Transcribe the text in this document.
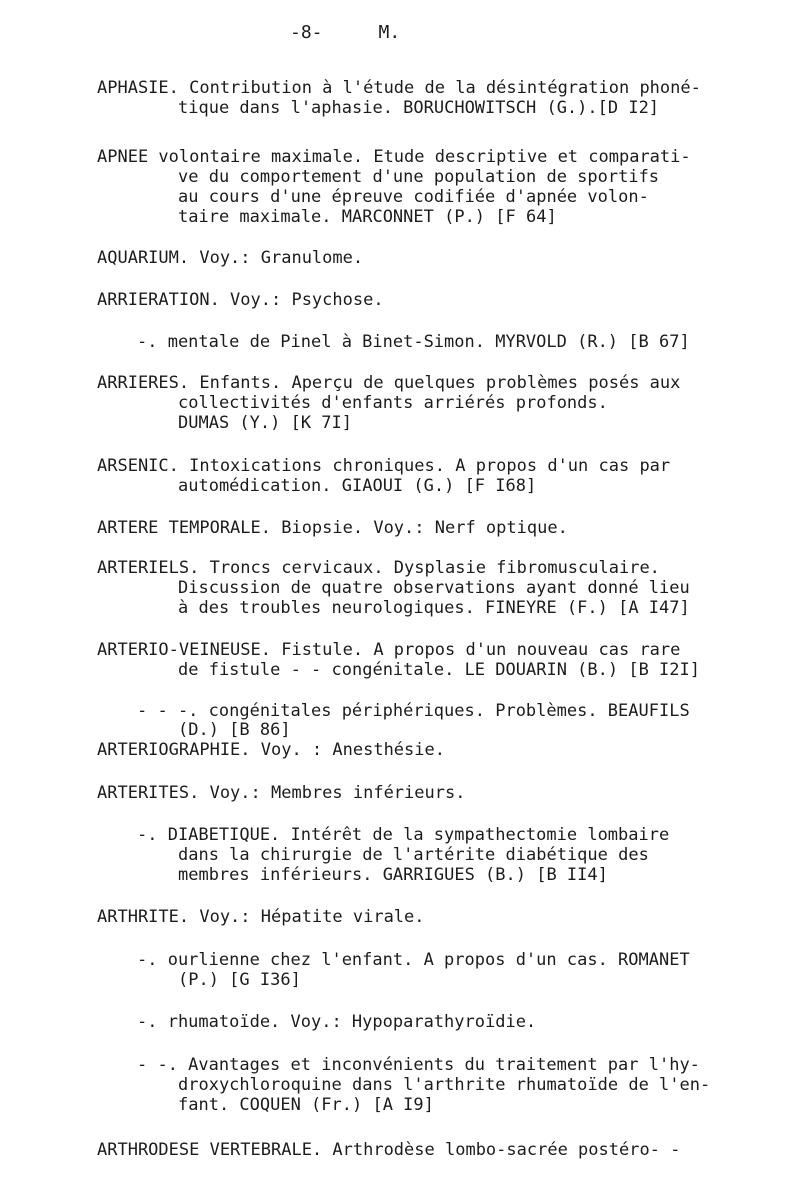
-8-	M.
APHASIE. Contribution à l'étude de la désintégration phoné-
tique dans l'aphasie. BORUCHOWITSCH (G.).[D I2]
APNEE volontaire maximale. Etude descriptive et comparati-
ve du comportement d'une population de sportifs
au cours d'une épreuve codifiée d'apnée volon-
taire maximale. MARCONNET (P.) [F 64]
AQUARIUM. Voy.: Granulome.
ARRIERATION. Voy.: Psychose.
-. mentale de Pinel à Binet-Simon. MYRVOLD (R.) [B 67]
ARRIERES. Enfants. Aperçu de quelques problèmes posés aux
collectivités d'enfants arriérés profonds.
DUMAS (Y.) [K 7I]
ARSENIC. Intoxications chroniques. A propos d'un cas par
automédication. GIAOUI (G.) [F I68]
ARTERE TEMPORALE. Biopsie. Voy.: Nerf optique.
ARTERIELS. Troncs cervicaux. Dysplasie fibromusculaire.
Discussion de quatre observations ayant donné lieu
à des troubles neurologiques. FINEYRE (F.) [A I47]
ARTERIO-VEINEUSE. Fistule. A propos d'un nouveau cas rare
de fistule - - congénitale. LE DOUARIN (B.) [B I2I]
- - -. congénitales périphériques. Problèmes. BEAUFILS
(D.) [B 86]
ARTERIOGRAPHIE. Voy. : Anesthésie.
ARTERITES. Voy.: Membres inférieurs.
-. DIABETIQUE. Intérêt de la sympathectomie lombaire
dans la chirurgie de l'artérite diabétique des
membres inférieurs. GARRIGUES (B.) [B II4]
ARTHRITE. Voy.: Hépatite virale.
-. ourlienne chez l'enfant. A propos d'un cas. ROMANET
(P.) [G I36]
-. rhumatoïde. Voy.: Hypoparathyroïdie.
- -. Avantages et inconvénients du traitement par l'hy-
droxychloroquine dans l'arthrite rhumatoïde de l'en-
fant. COQUEN (Fr.) [A I9]
ARTHRODESE VERTEBRALE. Arthrodèse lombo-sacrée postéro- -
